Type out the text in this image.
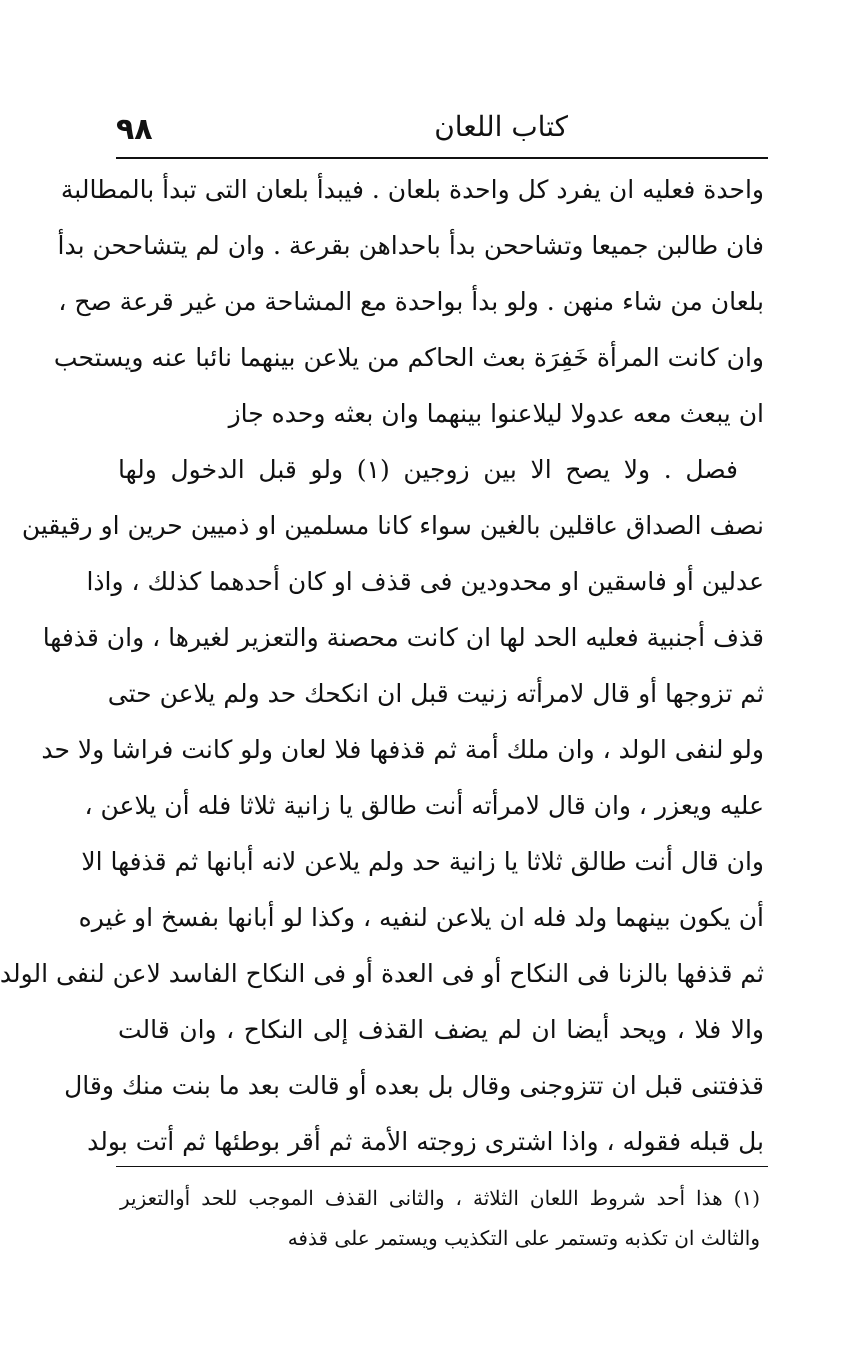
كتاب اللعان
٩٨
واحدة فعليه ان يفرد كل واحدة بلعان . فيبدأ بلعان التى تبدأ بالمطالبة
فان طالبن جميعا وتشاححن بدأ باحداهن بقرعة . وان لم يتشاححن بدأ
بلعان من شاء منهن . ولو بدأ بواحدة مع المشاحة من غير قرعة صح ،
وان كانت المرأة خَفِرَة بعث الحاكم من يلاعن بينهما نائبا عنه ويستحب
ان يبعث معه عدولا ليلاعنوا بينهما وان بعثه وحده جاز
فصل . ولا يصح الا بين زوجين (١) ولو قبل الدخول ولها
نصف الصداق عاقلين بالغين سواء كانا مسلمين او ذميين حرين او رقيقين
عدلين أو فاسقين او محدودين فى قذف او كان أحدهما كذلك ، واذا
قذف أجنبية فعليه الحد لها ان كانت محصنة والتعزير لغيرها ، وان قذفها
ثم تزوجها أو قال لامرأته زنيت قبل ان انكحك حد ولم يلاعن حتى
ولو لنفى الولد ، وان ملك أمة ثم قذفها فلا لعان ولو كانت فراشا ولا حد
عليه ويعزر ، وان قال لامرأته أنت طالق يا زانية ثلاثا فله أن يلاعن ،
وان قال أنت طالق ثلاثا يا زانية حد ولم يلاعن لانه أبانها ثم قذفها الا
أن يكون بينهما ولد فله ان يلاعن لنفيه ، وكذا لو أبانها بفسخ او غيره
ثم قذفها بالزنا فى النكاح أو فى العدة أو فى النكاح الفاسد لاعن لنفى الولد
والا فلا ، ويحد أيضا ان لم يضف القذف إلى النكاح ، وان قالت
قذفتنى قبل ان تتزوجنى وقال بل بعده أو قالت بعد ما بنت منك وقال
بل قبله فقوله ، واذا اشترى زوجته الأمة ثم أقر بوطئها ثم أتت بولد
(١) هذا أحد شروط اللعان الثلاثة ، والثانى القذف الموجب للحد أوالتعزير
والثالث ان تكذبه وتستمر على التكذيب ويستمر على قذفه
